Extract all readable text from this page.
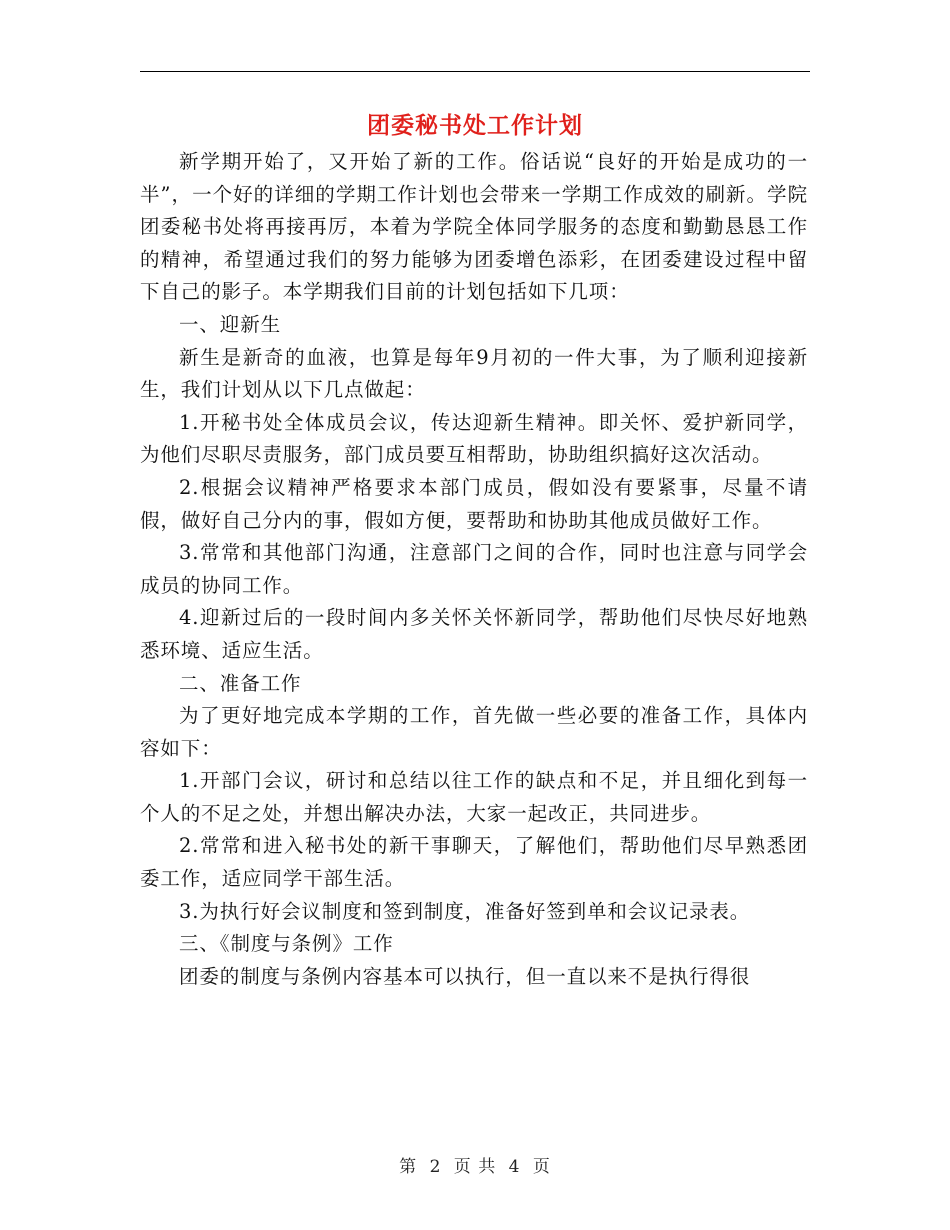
团委秘书处工作计划

新学期开始了，又开始了新的工作。俗话说“良好的开始是成功的一半”，一个好的详细的学期工作计划也会带来一学期工作成效的刷新。学院团委秘书处将再接再厉，本着为学院全体同学服务的态度和勤勤恳恳工作的精神，希望通过我们的努力能够为团委增色添彩，在团委建设过程中留下自己的影子。本学期我们目前的计划包括如下几项：

一、迎新生

新生是新奇的血液，也算是每年9月初的一件大事，为了顺利迎接新生，我们计划从以下几点做起：

1.开秘书处全体成员会议，传达迎新生精神。即关怀、爱护新同学，为他们尽职尽责服务，部门成员要互相帮助，协助组织搞好这次活动。

2.根据会议精神严格要求本部门成员，假如没有要紧事，尽量不请假，做好自己分内的事，假如方便，要帮助和协助其他成员做好工作。

3.常常和其他部门沟通，注意部门之间的合作，同时也注意与同学会成员的协同工作。

4.迎新过后的一段时间内多关怀关怀新同学，帮助他们尽快尽好地熟悉环境、适应生活。

二、准备工作

为了更好地完成本学期的工作，首先做一些必要的准备工作，具体内容如下：

1.开部门会议，研讨和总结以往工作的缺点和不足，并且细化到每一个人的不足之处，并想出解决办法，大家一起改正，共同进步。

2.常常和进入秘书处的新干事聊天，了解他们，帮助他们尽早熟悉团委工作，适应同学干部生活。

3.为执行好会议制度和签到制度，准备好签到单和会议记录表。

三、《制度与条例》工作

团委的制度与条例内容基本可以执行，但一直以来不是执行得很

第 2 页 共 4 页
